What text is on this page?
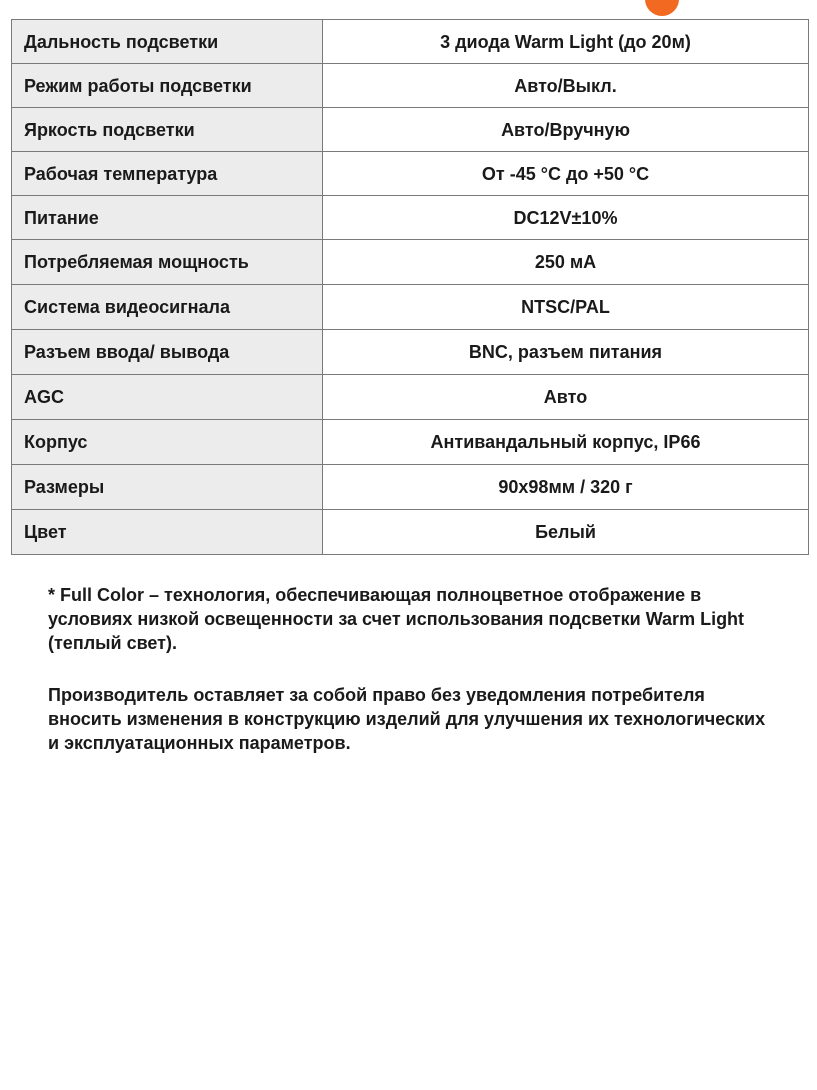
Дальность подсветки	3 диода Warm Light (до 20м)
Режим работы подсветки	Авто/Выкл.
Яркость подсветки	Авто/Вручную
Рабочая температура	От -45 °С до +50 °С
Питание	DC12V±10%
Потребляемая мощность	250 мА
Система видеосигнала	NTSC/PAL
Разъем ввода/ вывода	BNC, разъем питания
AGC	Авто
Корпус	Антивандальный корпус, IP66
Размеры	90x98мм / 320 г
Цвет	Белый

* Full Color – технология, обеспечивающая полноцветное отображение в условиях низкой освещенности за счет использования подсветки Warm Light (теплый свет).

Производитель оставляет за собой право без уведомления потребителя вносить изменения в конструкцию изделий для улучшения их технологических и эксплуатационных параметров.
